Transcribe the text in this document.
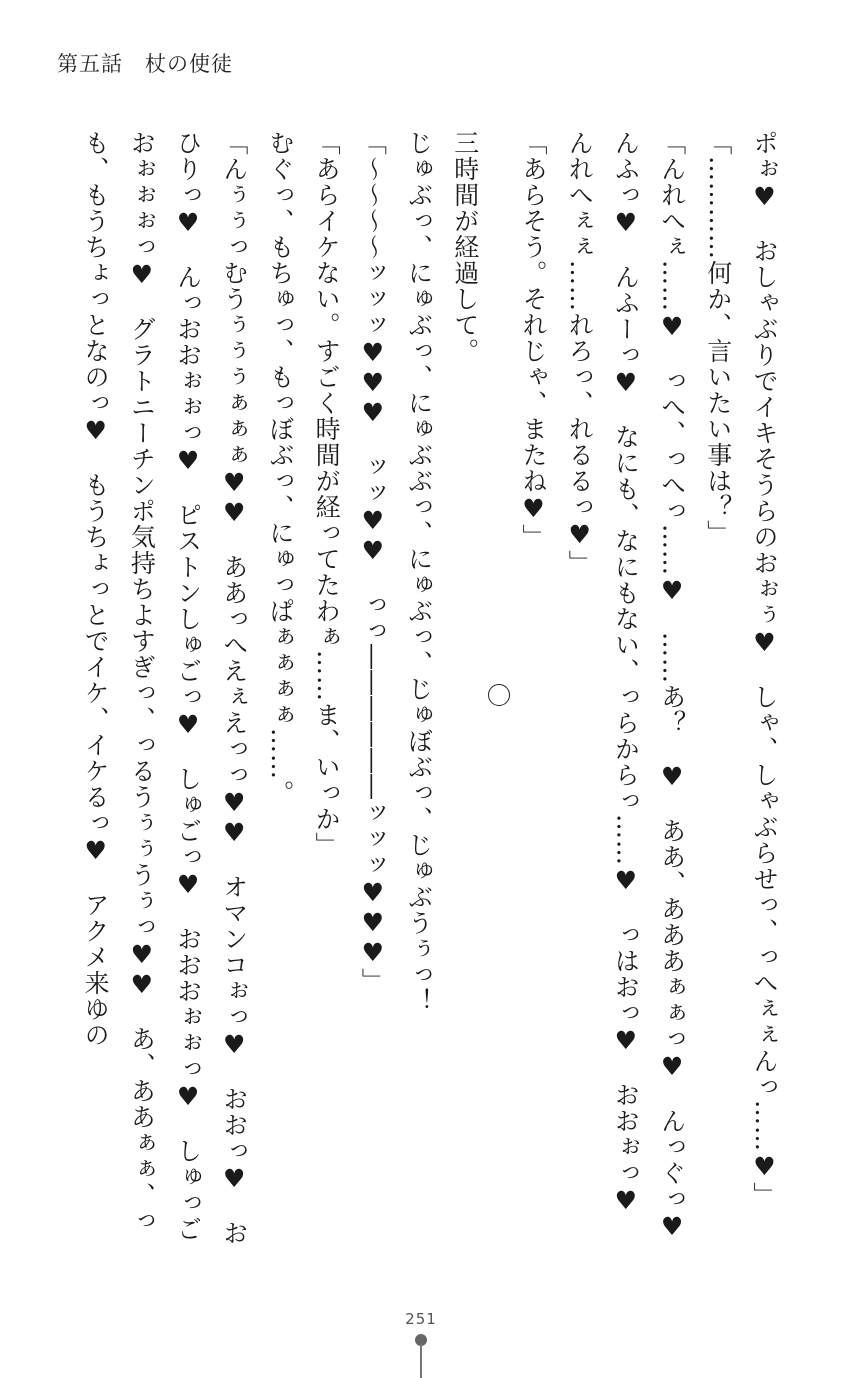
第五話　杖の使徒

ポぉ♥　おしゃぶりでイキそうらのおぉぅ♥　しゃ、しゃぶらせっ、っへぇぇんっ……♥」

「…………何か、言いたい事は？」

「んれへぇ……♥　っへ、っへっ……♥　……あ？　♥　ああ、あああぁぁっ♥　んっぐっ♥　んふっ♥　んふーっ♥　なにも、なにもない、っらからっ……♥　っはおっ♥　おおぉっ♥　んれへぇぇ……れろっ、れるるっ♥」

「あらそう。それじゃ、またね♥」

三時間が経過して。

じゅぶっ、にゅぶっ、にゅぶぶっ、にゅぶっ、じゅぼぶっ、じゅぶうぅっ！

「～～～～ッッッ♥♥♥　ッッ♥♥　っっ――――――ッッッ♥♥♥」

「あらイケない。すごく時間が経ってたわぁ……ま、いっか」

むぐっ、もちゅっ、もっぼぶっ、にゅっぱぁぁぁぁ……。

「んぅぅっむうぅぅぅぁぁぁ♥♥　ああっへえぇえっっ♥♥　オマンコぉっ♥　おおっ♥　おひりっ♥　んっおおぉぉっ♥　ピストンしゅごっ♥　しゅごっ♥　おおおぉぉっ♥　しゅっごおぉぉぉっ♥　グラトニーチンポ気持ちよすぎっ、っるうぅぅうぅっ♥♥　あ、ああぁぁ、っも、もうちょっとなのっ♥　もうちょっとでイケ、イケるっ♥　アクメ来ゆの

251
